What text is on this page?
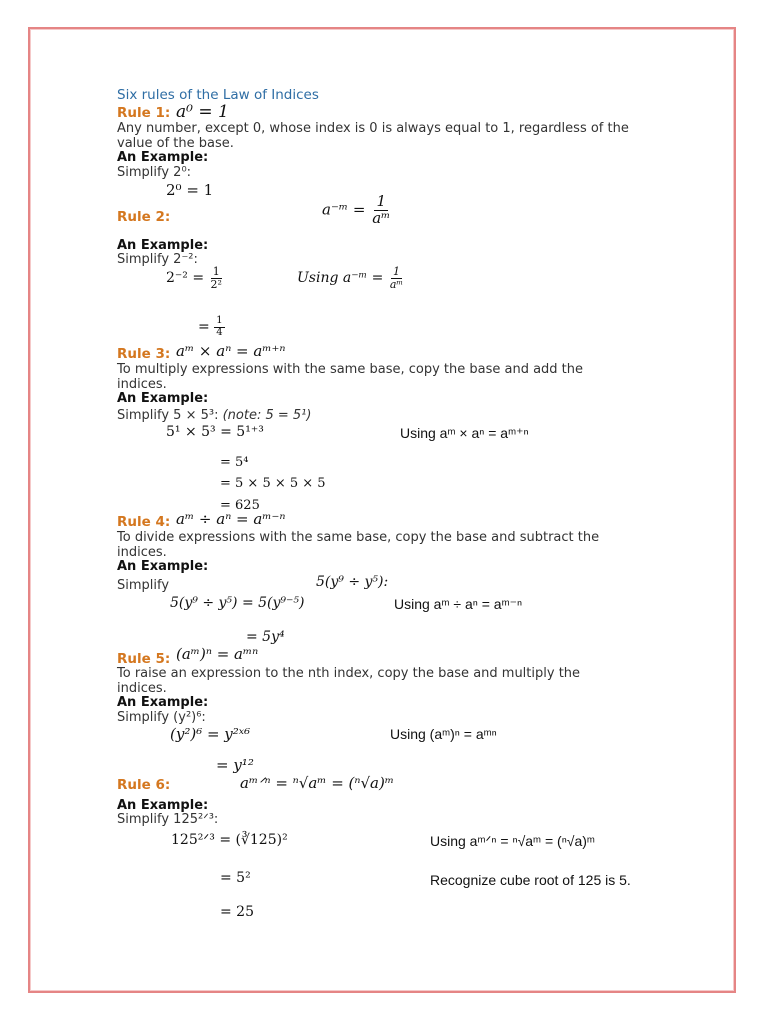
Six rules of the Law of Indices
Rule 1: a⁰ = 1
Any number, except 0, whose index is 0 is always equal to 1, regardless of the
value of the base.
An Example:
Simplify 2⁰:
2⁰ = 1
Rule 2:	a⁻ᵐ = $\frac{1}{\text{aᵐ}}$
An Example:
Simplify 2⁻²:
$2^{-2} = \frac{1}{\text{2²}}$	Using a⁻ᵐ = $\frac{1}{\text{aᵐ}}$
= $\frac{1}{4}$
Rule 3: aᵐ × aⁿ = aᵐ⁺ⁿ
To multiply expressions with the same base, copy the base and add the
indices.
An Example:
Simplify 5 × 5³: (note: 5 = 5¹)
5¹ × 5³ = 5¹⁺³	Using aᵐ × aⁿ = aᵐ⁺ⁿ
= 5⁴
= 5 × 5 × 5 × 5
= 625
Rule 4: aᵐ ÷ aⁿ = aᵐ⁻ⁿ
To divide expressions with the same base, copy the base and subtract the
indices.
An Example:
Simplify	5(y⁹ ÷ y⁵):
5(y⁹ ÷ y⁵) = 5(y⁹⁻⁵)	Using aᵐ ÷ aⁿ = aᵐ⁻ⁿ
= 5y⁴
Rule 5: (aᵐ)ⁿ = aᵐⁿ
To raise an expression to the nth index, copy the base and multiply the
indices.
An Example:
Simplify (y²)⁶:
(y²)⁶ = y²ˣ⁶	Using (aᵐ)ⁿ = aᵐⁿ
= y¹²
Rule 6:	aᵐᐟⁿ = ⁿ√aᵐ = (ⁿ√a)ᵐ
An Example:
Simplify 125²ᐟ³:
125²ᐟ³ = (∛125)²	Using aᵐᐟⁿ = ⁿ√aᵐ = (ⁿ√a)ᵐ
= 5²	Recognize cube root of 125 is 5.
= 25
